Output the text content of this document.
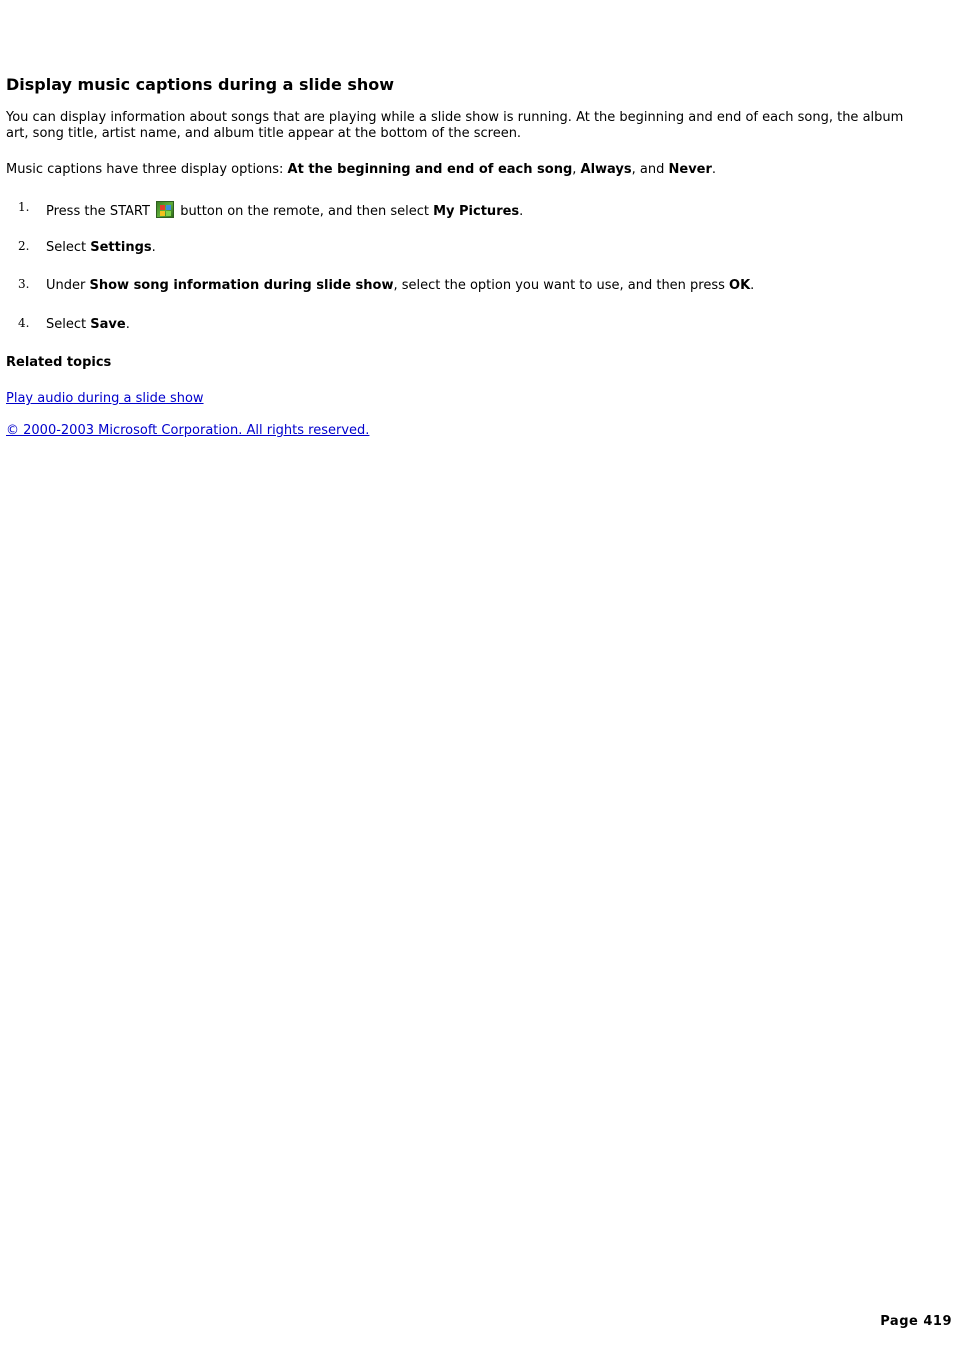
Display music captions during a slide show

You can display information about songs that are playing while a slide show is running. At the beginning and end of each song, the album art, song title, artist name, and album title appear at the bottom of the screen.

Music captions have three display options: At the beginning and end of each song, Always, and Never.

1. Press the START
button on the remote, and then select My Pictures.
2. Select Settings.
3. Under Show song information during slide show, select the option you want to use, and then press OK.
4. Select Save.
Related topics
Play audio during a slide show
© 2000-2003 Microsoft Corporation. All rights reserved.
Page 419
